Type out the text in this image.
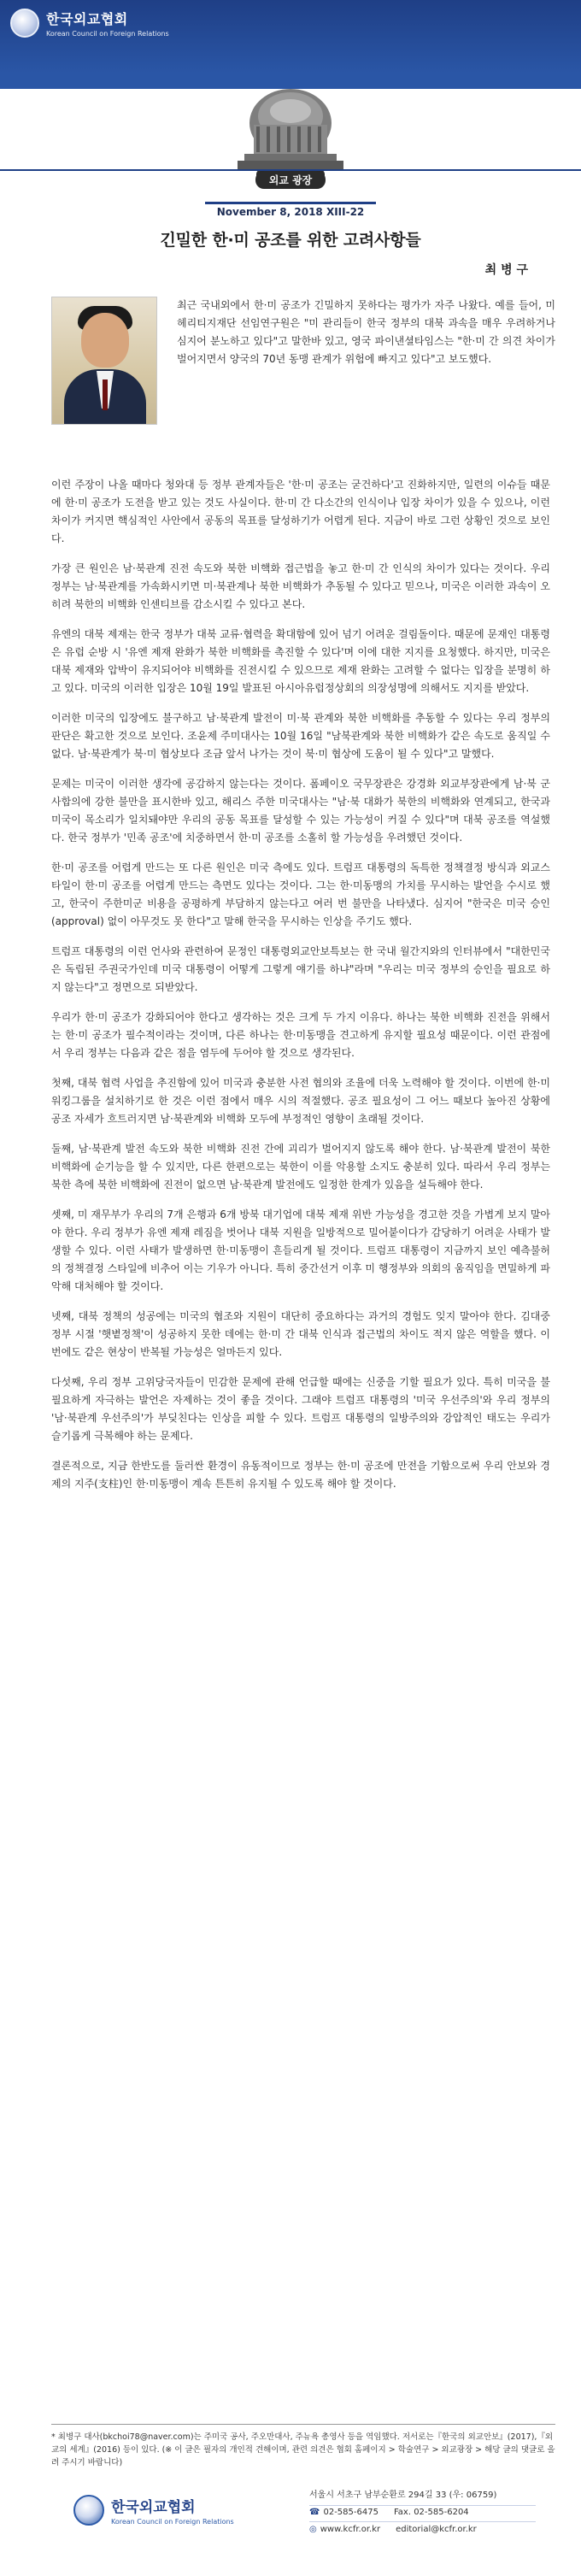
한국외교협회
Korean Council on Foreign Relations
외교 광장
November 8, 2018 XIII-22
긴밀한 한·미 공조를 위한 고려사항들
최 병 구

최근 국내외에서 한·미 공조가 긴밀하지 못하다는 평가가 자주 나왔다. 예를 들어, 미 헤리티지재단 선임연구원은 "미 관리들이 한국 정부의 대북 과속을 매우 우려하거나 심지어 분노하고 있다"고 말한바 있고, 영국 파이낸셜타임스는 "한·미 간 의견 차이가 벌어지면서 양국의 70년 동맹 관계가 위험에 빠지고 있다"고 보도했다.

이런 주장이 나올 때마다 청와대 등 정부 관계자들은 '한·미 공조는 굳건하다'고 진화하지만, 일련의 이슈들 때문에 한·미 공조가 도전을 받고 있는 것도 사실이다. 한·미 간 다소간의 인식이나 입장 차이가 있을 수 있으나, 이런 차이가 커지면 핵심적인 사안에서 공동의 목표를 달성하기가 어렵게 된다. 지금이 바로 그런 상황인 것으로 보인다.

가장 큰 원인은 남·북관계 진전 속도와 북한 비핵화 접근법을 놓고 한·미 간 인식의 차이가 있다는 것이다. 우리 정부는 남·북관계를 가속화시키면 미·북관계나 북한 비핵화가 추동될 수 있다고 믿으나, 미국은 이러한 과속이 오히려 북한의 비핵화 인센티브를 감소시킬 수 있다고 본다.

유엔의 대북 제재는 한국 정부가 대북 교류·협력을 확대함에 있어 넘기 어려운 걸림돌이다. 때문에 문재인 대통령은 유럽 순방 시 '유엔 제재 완화가 북한 비핵화를 촉진할 수 있다'며 이에 대한 지지를 요청했다. 하지만, 미국은 대북 제재와 압박이 유지되어야 비핵화를 진전시킬 수 있으므로 제재 완화는 고려할 수 없다는 입장을 분명히 하고 있다. 미국의 이러한 입장은 10월 19일 발표된 아시아유럽정상회의 의장성명에 의해서도 지지를 받았다.

이러한 미국의 입장에도 불구하고 남·북관계 발전이 미·북 관계와 북한 비핵화를 추동할 수 있다는 우리 정부의 판단은 확고한 것으로 보인다. 조윤제 주미대사는 10월 16일 "남북관계와 북한 비핵화가 같은 속도로 움직일 수 없다. 남·북관계가 북·미 협상보다 조금 앞서 나가는 것이 북·미 협상에 도움이 될 수 있다"고 말했다.

문제는 미국이 이러한 생각에 공감하지 않는다는 것이다. 폼페이오 국무장관은 강경화 외교부장관에게 남·북 군사합의에 강한 불만을 표시한바 있고, 해리스 주한 미국대사는 "남·북 대화가 북한의 비핵화와 연계되고, 한국과 미국이 목소리가 일치돼야만 우리의 공동 목표를 달성할 수 있는 가능성이 커질 수 있다"며 대북 공조를 역설했다. 한국 정부가 '민족 공조'에 치중하면서 한·미 공조를 소홀히 할 가능성을 우려했던 것이다.

한·미 공조를 어렵게 만드는 또 다른 원인은 미국 측에도 있다. 트럼프 대통령의 독특한 정책결정 방식과 외교스타일이 한·미 공조를 어렵게 만드는 측면도 있다는 것이다. 그는 한·미동맹의 가치를 무시하는 발언을 수시로 했고, 한국이 주한미군 비용을 공평하게 부담하지 않는다고 여러 번 불만을 나타냈다. 심지어 "한국은 미국 승인(approval) 없이 아무것도 못 한다"고 말해 한국을 무시하는 인상을 주기도 했다.

트럼프 대통령의 이런 언사와 관련하여 문정인 대통령외교안보특보는 한 국내 월간지와의 인터뷰에서 "대한민국은 독립된 주권국가인데 미국 대통령이 어떻게 그렇게 얘기를 하냐"라며 "우리는 미국 정부의 승인을 필요로 하지 않는다"고 정면으로 되받았다.

우리가 한·미 공조가 강화되어야 한다고 생각하는 것은 크게 두 가지 이유다. 하나는 북한 비핵화 진전을 위해서는 한·미 공조가 필수적이라는 것이며, 다른 하나는 한·미동맹을 견고하게 유지할 필요성 때문이다. 이런 관점에서 우리 정부는 다음과 같은 점을 염두에 두어야 할 것으로 생각된다.

첫째, 대북 협력 사업을 추진함에 있어 미국과 충분한 사전 협의와 조율에 더욱 노력해야 할 것이다. 이번에 한·미 워킹그룹을 설치하기로 한 것은 이런 점에서 매우 시의 적절했다. 공조 필요성이 그 어느 때보다 높아진 상황에 공조 자세가 흐트러지면 남·북관계와 비핵화 모두에 부정적인 영향이 초래될 것이다.

둘째, 남·북관계 발전 속도와 북한 비핵화 진전 간에 괴리가 벌어지지 않도록 해야 한다. 남·북관계 발전이 북한 비핵화에 순기능을 할 수 있지만, 다른 한편으로는 북한이 이를 악용할 소지도 충분히 있다. 따라서 우리 정부는 북한 측에 북한 비핵화에 진전이 없으면 남·북관계 발전에도 일정한 한계가 있음을 설득해야 한다.

셋째, 미 재무부가 우리의 7개 은행과 6개 방북 대기업에 대북 제재 위반 가능성을 경고한 것을 가볍게 보지 말아야 한다. 우리 정부가 유엔 제재 레짐을 벗어나 대북 지원을 일방적으로 밀어붙이다가 감당하기 어려운 사태가 발생할 수 있다. 이런 사태가 발생하면 한·미동맹이 흔들리게 될 것이다. 트럼프 대통령이 지금까지 보인 예측불허의 정책결정 스타일에 비추어 이는 기우가 아니다. 특히 중간선거 이후 미 행정부와 의회의 움직임을 면밀하게 파악해 대처해야 할 것이다.

넷째, 대북 정책의 성공에는 미국의 협조와 지원이 대단히 중요하다는 과거의 경험도 잊지 말아야 한다. 김대중 정부 시절 '햇볕정책'이 성공하지 못한 데에는 한·미 간 대북 인식과 접근법의 차이도 적지 않은 역할을 했다. 이번에도 같은 현상이 반복될 가능성은 얼마든지 있다.

다섯째, 우리 정부 고위당국자들이 민감한 문제에 관해 언급할 때에는 신중을 기할 필요가 있다. 특히 미국을 불필요하게 자극하는 발언은 자제하는 것이 좋을 것이다. 그래야 트럼프 대통령의 '미국 우선주의'와 우리 정부의 '남·북관계 우선주의'가 부딪친다는 인상을 피할 수 있다. 트럼프 대통령의 일방주의와 강압적인 태도는 우리가 슬기롭게 극복해야 하는 문제다.

결론적으로, 지금 한반도를 둘러싼 환경이 유동적이므로 정부는 한·미 공조에 만전을 기함으로써 우리 안보와 경제의 지주(支柱)인 한·미동맹이 계속 튼튼히 유지될 수 있도록 해야 할 것이다.

* 최병구 대사(bkchoi78@naver.com)는 주미국 공사, 주오만대사, 주뉴욕 총영사 등을 역임했다. 저서로는『한국의 외교안보』(2017),『외교의 세계』(2016) 등이 있다. (※ 이 글은 필자의 개인적 견해이며, 관련 의견은 협회 홈페이지 > 학술연구 > 외교광장 > 해당 글의 댓글로 올려 주시기 바랍니다)
한국외교협회
Korean Council on Foreign Relations
서울시 서초구 남부순환로 294길 33 (우: 06759)
☎ 02-585-6475 Fax. 02-585-6204
◎ www.kcfr.or.kr editorial@kcfr.or.kr
